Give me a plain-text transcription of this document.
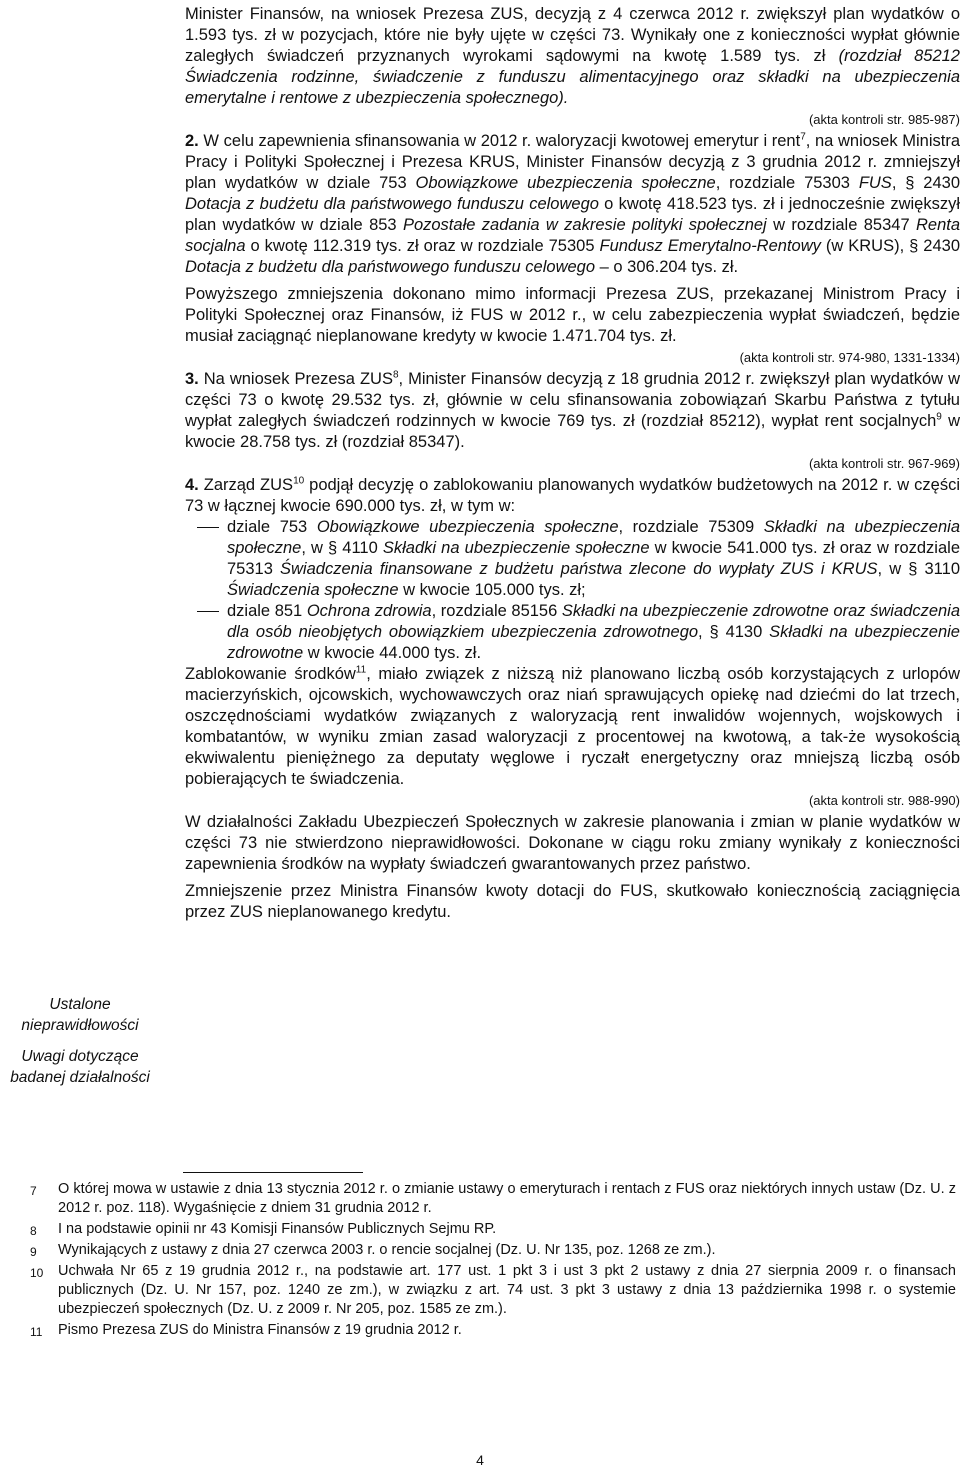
Minister Finansów, na wniosek Prezesa ZUS, decyzją z 4 czerwca 2012 r. zwiększył plan wydatków o 1.593 tys. zł w pozycjach, które nie były ujęte w części 73. Wynikały one z konieczności wypłat głównie zaległych świadczeń przyznanych wyrokami sądowymi na kwotę 1.589 tys. zł (rozdział 85212 Świadczenia rodzinne, świadczenie z funduszu alimentacyjnego oraz składki na ubezpieczenia emerytalne i rentowe z ubezpieczenia społecznego).

(akta kontroli str. 985-987)

2. W celu zapewnienia sfinansowania w 2012 r. waloryzacji kwotowej emerytur i rent$^7$, na wniosek Ministra Pracy i Polityki Społecznej i Prezesa KRUS, Minister Finansów decyzją z 3 grudnia 2012 r. zmniejszył plan wydatków w dziale 753 Obowiązkowe ubezpieczenia społeczne, rozdziale 75303 FUS, § 2430 Dotacja z budżetu dla państwowego funduszu celowego o kwotę 418.523 tys. zł i jednocześnie zwiększył plan wydatków w dziale 853 Pozostałe zadania w zakresie polityki społecznej w rozdziale 85347 Renta socjalna o kwotę 112.319 tys. zł oraz w rozdziale 75305 Fundusz Emerytalno-Rentowy (w KRUS), § 2430 Dotacja z budżetu dla państwowego funduszu celowego – o 306.204 tys. zł.

Powyższego zmniejszenia dokonano mimo informacji Prezesa ZUS, przekazanej Ministrom Pracy i Polityki Społecznej oraz Finansów, iż FUS w 2012 r., w celu zabezpieczenia wypłat świadczeń, będzie musiał zaciągnąć nieplanowane kredyty w kwocie 1.471.704 tys. zł.

(akta kontroli str. 974-980, 1331-1334)

3. Na wniosek Prezesa ZUS$^8$, Minister Finansów decyzją z 18 grudnia 2012 r. zwiększył plan wydatków w części 73 o kwotę 29.532 tys. zł, głównie w celu sfinansowania zobowiązań Skarbu Państwa z tytułu wypłat zaległych świadczeń rodzinnych w kwocie 769 tys. zł (rozdział 85212), wypłat rent socjalnych$^9$ w kwocie 28.758 tys. zł (rozdział 85347).

(akta kontroli str. 967-969)

4. Zarząd ZUS$^{10}$ podjął decyzję o zablokowaniu planowanych wydatków budżetowych na 2012 r. w części 73 w łącznej kwocie 690.000 tys. zł, w tym w:

dziale 753 Obowiązkowe ubezpieczenia społeczne, rozdziale 75309 Składki na ubezpieczenia społeczne, w § 4110 Składki na ubezpieczenie społeczne w kwocie 541.000 tys. zł oraz w rozdziale 75313 Świadczenia finansowane z budżetu państwa zlecone do wypłaty ZUS i KRUS, w § 3110 Świadczenia społeczne w kwocie 105.000 tys. zł;

dziale 851 Ochrona zdrowia, rozdziale 85156 Składki na ubezpieczenie zdrowotne oraz świadczenia dla osób nieobjętych obowiązkiem ubezpieczenia zdrowotnego, § 4130 Składki na ubezpieczenie zdrowotne w kwocie 44.000 tys. zł.

Zablokowanie środków$^{11}$, miało związek z niższą niż planowano liczbą osób korzystających z urlopów macierzyńskich, ojcowskich, wychowawczych oraz niań sprawujących opiekę nad dziećmi do lat trzech, oszczędnościami wydatków związanych z waloryzacją rent inwalidów wojennych, wojskowych i kombatantów, w wyniku zmian zasad waloryzacji z procentowej na kwotową, a tak-że wysokością ekwiwalentu pieniężnego za deputaty węglowe i ryczałt energetyczny oraz mniejszą liczbą osób pobierających te świadczenia.

(akta kontroli str. 988-990)

W działalności Zakładu Ubezpieczeń Społecznych w zakresie planowania i zmian w planie wydatków w części 73 nie stwierdzono nieprawidłowości. Dokonane w ciągu roku zmiany wynikały z konieczności zapewnienia środków na wypłaty świadczeń gwarantowanych przez państwo.

Zmniejszenie przez Ministra Finansów kwoty dotacji do FUS, skutkowało koniecznością zaciągnięcia przez ZUS nieplanowanego kredytu.

Ustalone nieprawidłowości
Uwagi dotyczące badanej działalności

7 O której mowa w ustawie z dnia 13 stycznia 2012 r. o zmianie ustawy o emeryturach i rentach z FUS oraz niektórych innych ustaw (Dz. U. z 2012 r. poz. 118). Wygaśnięcie z dniem 31 grudnia 2012 r.

8 I na podstawie opinii nr 43 Komisji Finansów Publicznych Sejmu RP.

9 Wynikających z ustawy z dnia 27 czerwca 2003 r. o rencie socjalnej (Dz. U. Nr 135, poz. 1268 ze zm.).

10 Uchwała Nr 65 z 19 grudnia 2012 r., na podstawie art. 177 ust. 1 pkt 3 i ust 3 pkt 2 ustawy z dnia 27 sierpnia 2009 r. o finansach publicznych (Dz. U. Nr 157, poz. 1240 ze zm.), w związku z art. 74 ust. 3 pkt 3 ustawy z dnia 13 października 1998 r. o systemie ubezpieczeń społecznych (Dz. U. z 2009 r. Nr 205, poz. 1585 ze zm.).

11 Pismo Prezesa ZUS do Ministra Finansów z 19 grudnia 2012 r.

4
